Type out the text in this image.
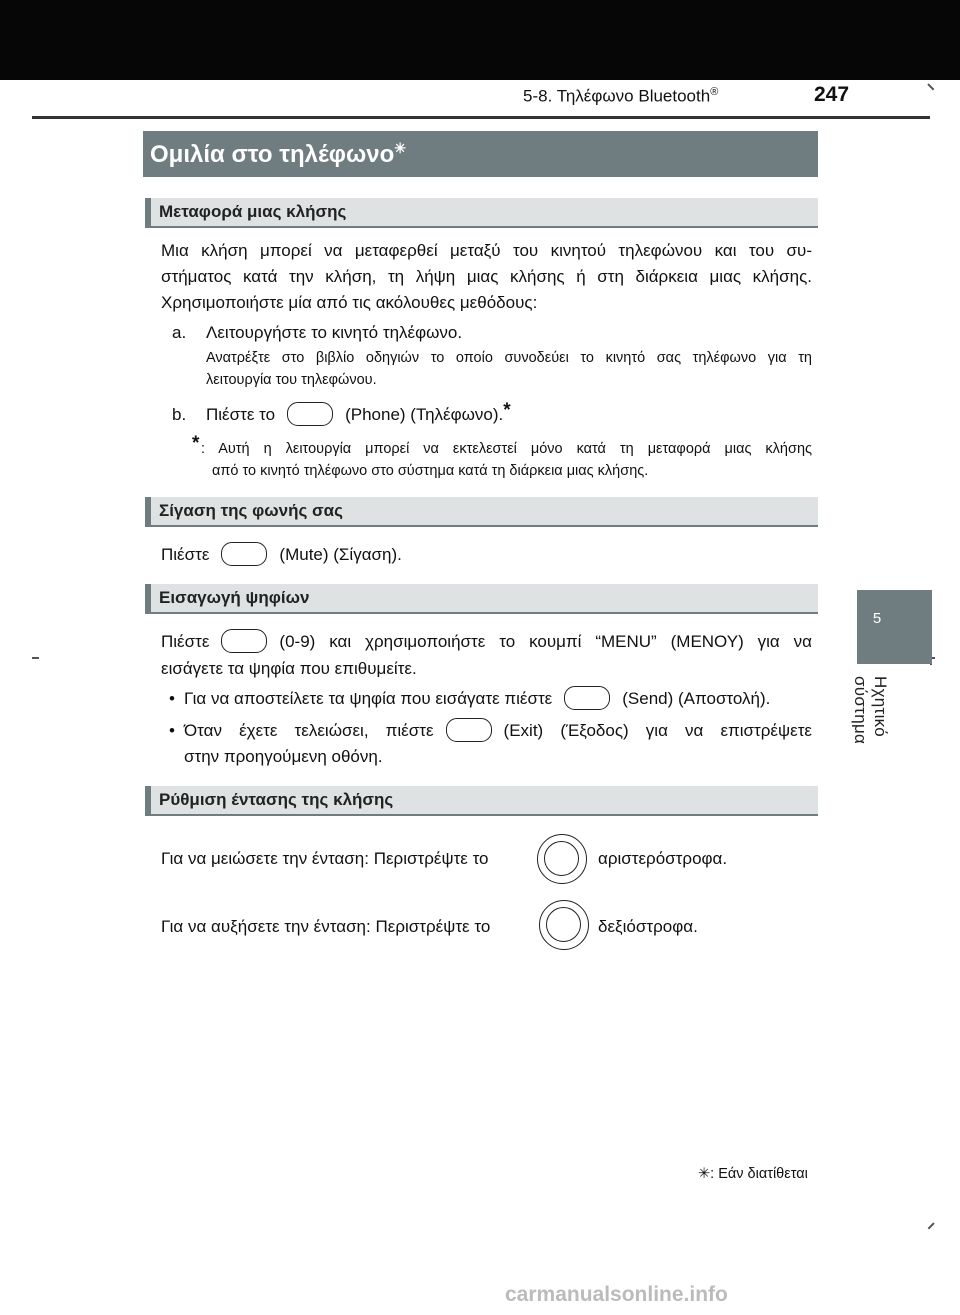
5-8. Τηλέφωνο Bluetooth®	247
5
Ηχητικό σύστημα
Ομιλία στο τηλέφωνο✳
Μεταφορά μιας κλήσης
Μια κλήση μπορεί να μεταφερθεί μεταξύ του κινητού τηλεφώνου και του συ-
στήματος κατά την κλήση, τη λήψη μιας κλήσης ή στη διάρκεια μιας κλήσης.
Χρησιμοποιήστε μία από τις ακόλουθες μεθόδους:
a. Λειτουργήστε το κινητό τηλέφωνο.
Ανατρέξτε στο βιβλίο οδηγιών το οποίο συνοδεύει το κινητό σας τηλέφωνο για τη
λειτουργία του τηλεφώνου.
b. Πιέστε το	(Phone) (Τηλέφωνο).*
* : Αυτή η λειτουργία μπορεί να εκτελεστεί μόνο κατά τη μεταφορά μιας κλήσης
από το κινητό τηλέφωνο στο σύστημα κατά τη διάρκεια μιας κλήσης.
Σίγαση της φωνής σας
Πιέστε	(Mute) (Σίγαση).
Εισαγωγή ψηφίων
Πιέστε	(0-9) και χρησιμοποιήστε το κουμπί “MENU” (ΜΕΝΟΥ) για να
εισάγετε τα ψηφία που επιθυμείτε.
• Για να αποστείλετε τα ψηφία που εισάγατε πιέστε	(Send) (Αποστολή).
• Όταν έχετε τελειώσει, πιέστε	(Exit) (Έξοδος) για να επιστρέψετε
στην προηγούμενη οθόνη.
Ρύθμιση έντασης της κλήσης
Για να μειώσετε την ένταση: Περιστρέψτε το	αριστερόστροφα.
Για να αυξήσετε την ένταση: Περιστρέψτε το	δεξιόστροφα.
✳: Εάν διατίθεται
carmanualsonline.info
